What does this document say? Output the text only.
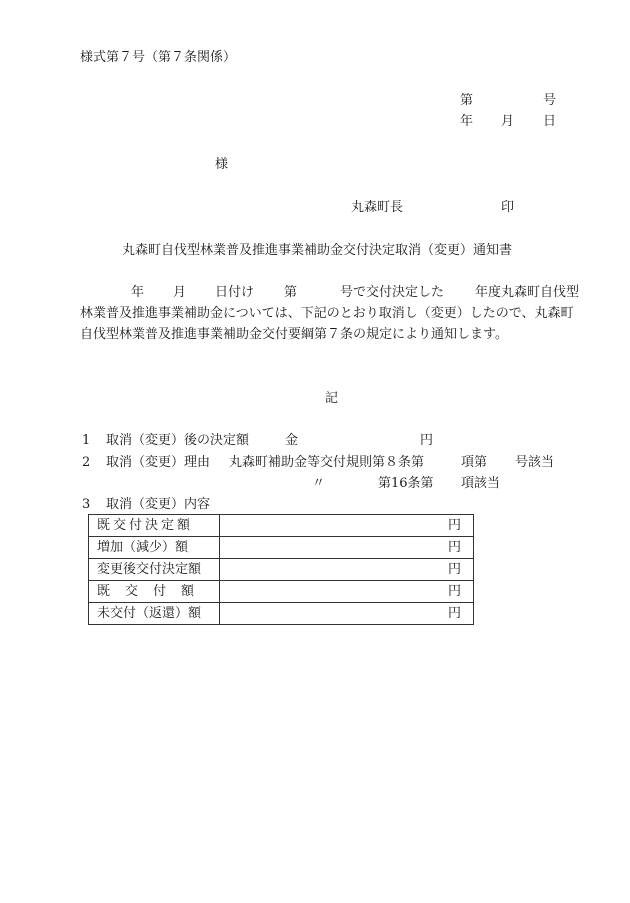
様式第７号（第７条関係）
第	号
年 月 日
様
丸森町長	印
丸森町自伐型林業普及推進事業補助金交付決定取消（変更）通知書
年 月 日付け 第	号で交付決定した 年度丸森町自伐型
林業普及推進事業補助金については、下記のとおり取消し（変更）したので、丸森町
自伐型林業普及推進事業補助金交付要綱第７条の規定により通知します。
記
1 取消（変更）後の決定額	金	円
2 取消（変更）理由 丸森町補助金等交付規則第８条第	項第 号該当
〃	第16条第 項該当
3 取消（変更）内容
既交付決定額	円
増加（減少）額	円
変更後交付決定額	円
既交付額	円
未交付（返還）額	円
